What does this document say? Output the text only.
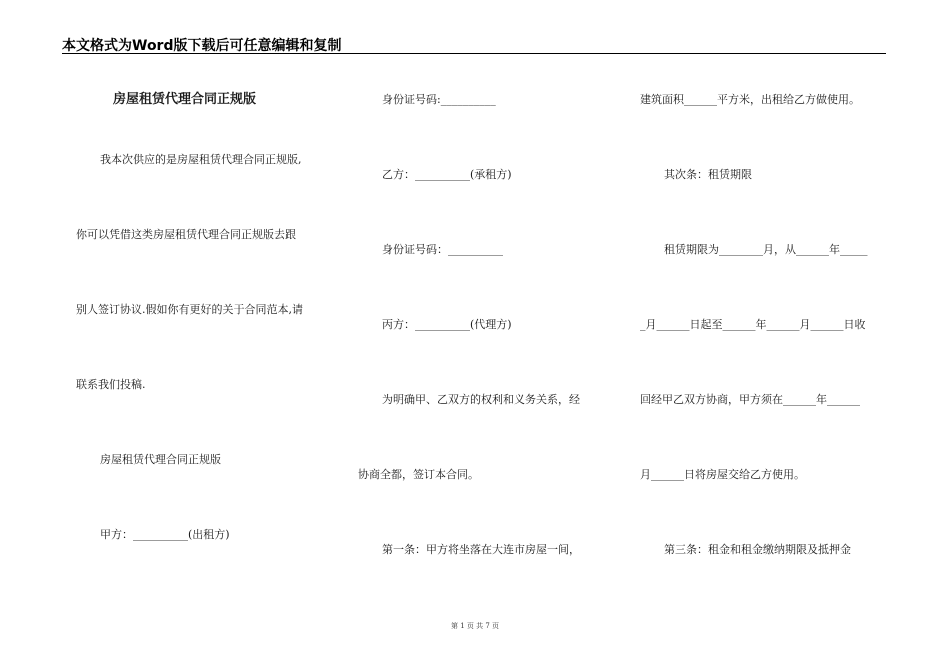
本文格式为Word版下载后可任意编辑和复制
房屋租赁代理合同正规版
我本次供应的是房屋租赁代理合同正规版,
你可以凭借这类房屋租赁代理合同正规版去跟
别人签订协议.假如你有更好的关于合同范本,请
联系我们投稿.
房屋租赁代理合同正规版
甲方：__________(出租方)
身份证号码:__________
乙方：__________(承租方)
身份证号码：__________
丙方：__________(代理方)
为明确甲、乙双方的权利和义务关系，经
协商全都，签订本合同。
第一条：甲方将坐落在大连市房屋一间，
建筑面积______平方米，出租给乙方做使用。
其次条：租赁期限
租赁期限为________月，从______年_____
_月______日起至______年______月______日收
回经甲乙双方协商，甲方须在______年______
月______日将房屋交给乙方使用。
第三条：租金和租金缴纳期限及抵押金
第 1 页 共 7 页
